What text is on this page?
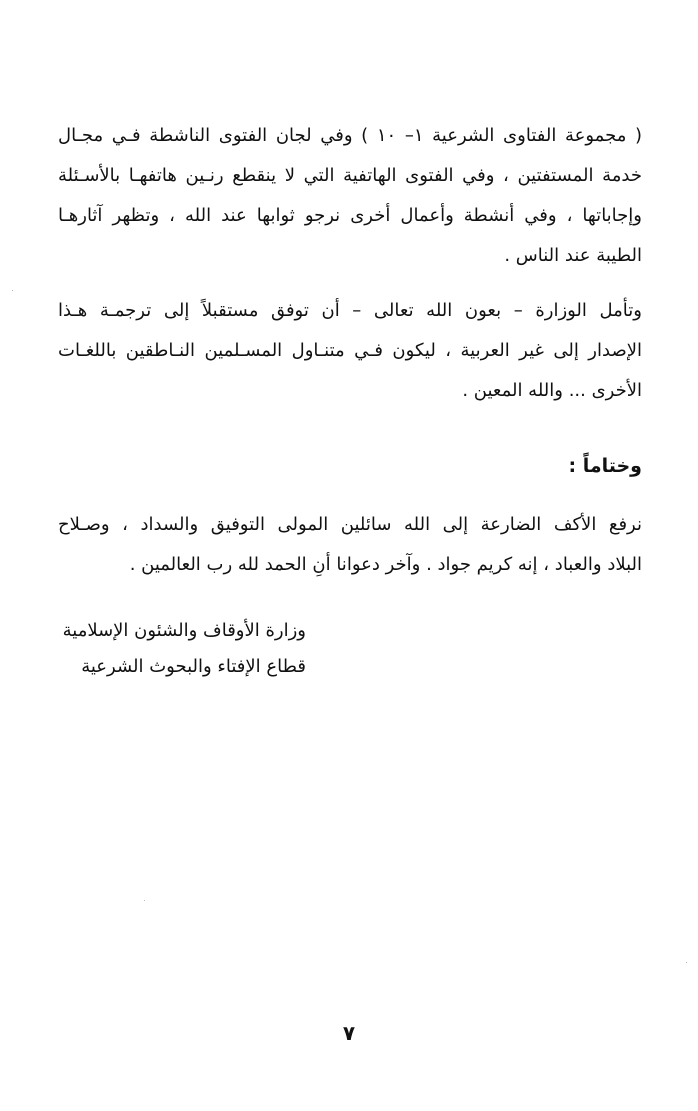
( مجموعة الفتاوى الشرعية ١– ١٠ ) وفي لجان الفتوى الناشطة فـي مجـال
خدمة المستفتين ، وفي الفتوى الهاتفية التي لا ينقطع رنـين هاتفهـا بالأسـئلة
وإجاباتها ، وفي أنشطة وأعمال أخرى نرجو ثوابها عند الله ، وتظهر آثارهـا
الطيبة عند الناس .
وتأمل الوزارة – بعون الله تعالى – أن توفق مستقبلاً إلى ترجمـة هـذا
الإصدار إلى غير العربية ، ليكون فـي متنـاول المسـلمين النـاطقين باللغـات
الأخرى ... والله المعين .
وختاماً :
نرفع الأكف الضارعة إلى الله سائلين المولى التوفيق والسداد ، وصـلاح
البلاد والعباد ، إنه كريم جواد . وآخر دعوانا أنِ الحمد لله رب العالمين .
وزارة الأوقاف والشئون الإسلامية
قطاع الإفتاء والبحوث الشرعية
٧
